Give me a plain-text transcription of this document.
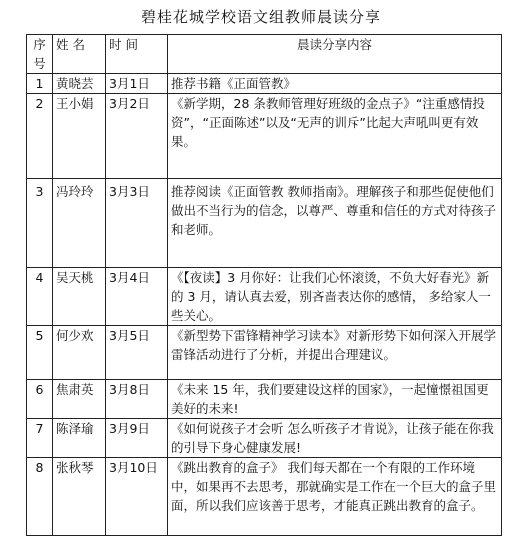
碧桂花城学校语文组教师晨读分享
序号	姓 名	时 间	晨读分享内容
1	黄晓芸	3月1日	推荐书籍《正面管教》
2	王小娟	3月2日	《新学期，28 条教师管理好班级的金点子》“注重感情投资”，“正面陈述”以及“无声的训斥”比起大声吼叫更有效果。
3	冯玲玲	3月3日	推荐阅读《正面管教 教师指南》。理解孩子和那些促使他们做出不当行为的信念，以尊严、尊重和信任的方式对待孩子和老师。
4	吴天桃	3月4日	《【夜读】3 月你好：让我们心怀滚烫，不负大好春光》新的 3 月，请认真去爱，别吝啬表达你的感情， 多给家人一些关心。
5	何少欢	3月5日	《新型势下雷锋精神学习读本》对新形势下如何深入开展学雷锋活动进行了分析，并提出合理建议。
6	焦肃英	3月8日	《未来 15 年，我们要建设这样的国家》，一起憧憬祖国更美好的未来!
7	陈泽瑜	3月9日	《如何说孩子才会听 怎么听孩子才肯说》，让孩子能在你我的引导下身心健康发展!
8	张秋琴	3月10日	《跳出教育的盒子》 我们每天都在一个有限的工作环境中，如果再不去思考，那就确实是工作在一个巨大的盒子里面，所以我们应该善于思考，才能真正跳出教育的盒子。
